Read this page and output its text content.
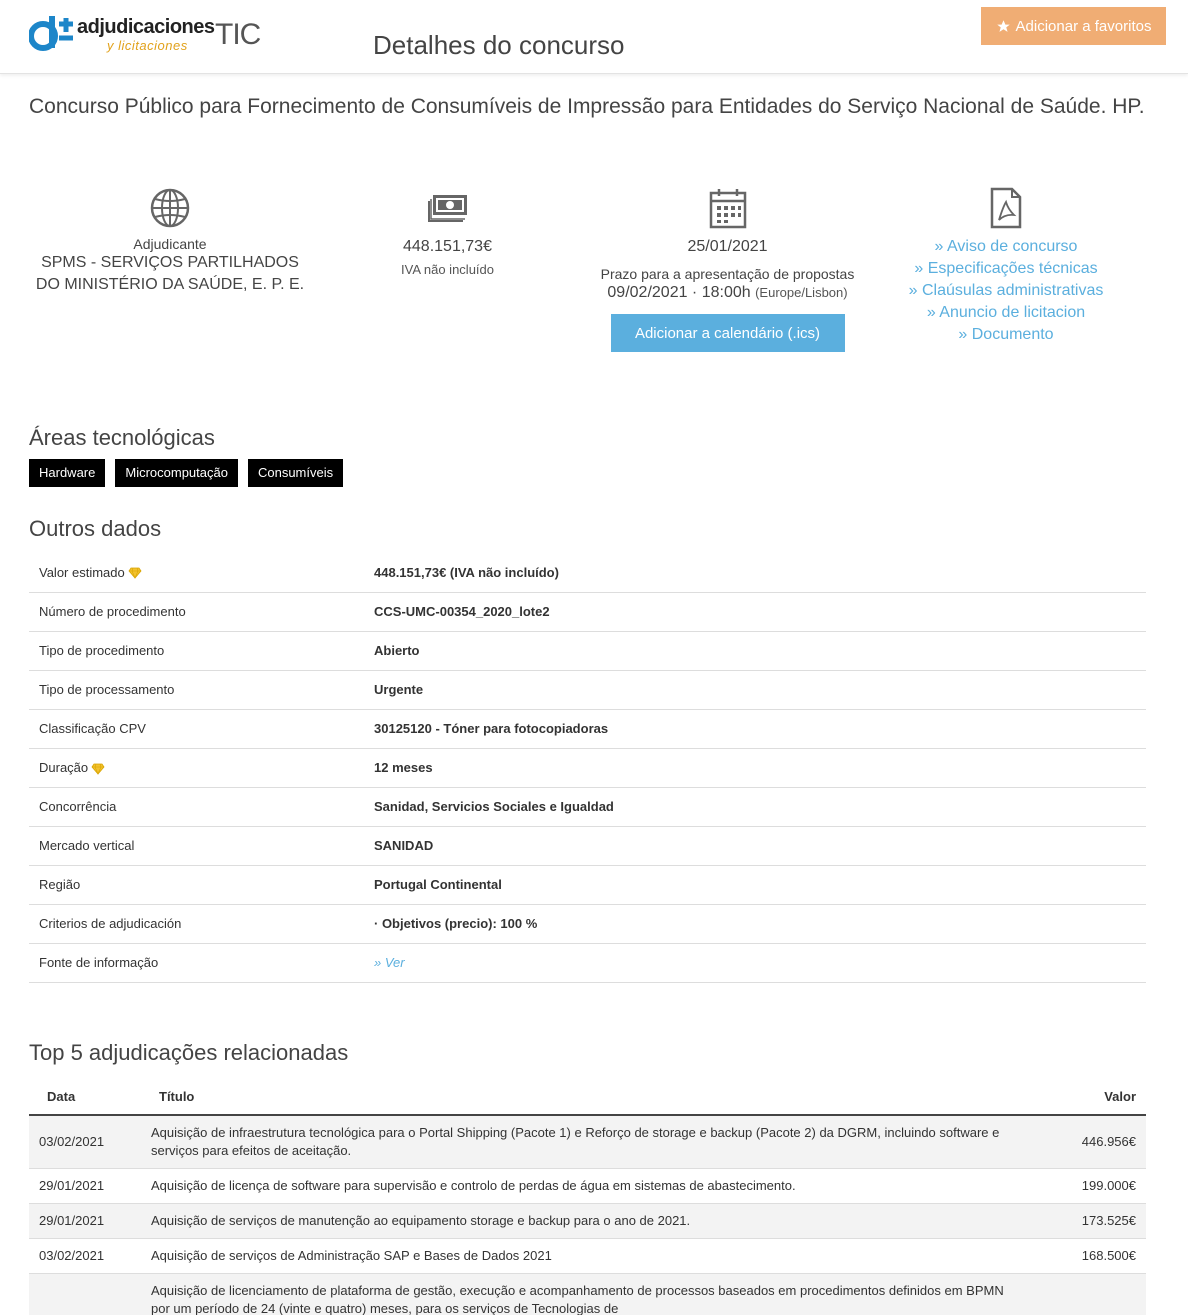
adjudicaciones
y licitaciones TIC	Detalhes do concurso
Adicionar a favoritos
Concurso Público para Fornecimento de Consumíveis de Impressão para Entidades do Serviço Nacional de Saúde. HP.
Adjudicante
SPMS - SERVIÇOS PARTILHADOS
DO MINISTÉRIO DA SAÚDE, E. P. E.
448.151,73€
IVA não incluído
25/01/2021
Prazo para a apresentação de propostas
09/02/2021 · 18:00h (Europe/Lisbon)
Adicionar a calendário (.ics)
» Aviso de concurso
» Especificações técnicas
» Claúsulas administrativas
» Anuncio de licitacion
» Documento
Áreas tecnológicas
Hardware	Microcomputação	Consumíveis
Outros dados
Valor estimado	448.151,73€ (IVA não incluído)
Número de procedimento	CCS-UMC-00354_2020_lote2
Tipo de procedimento	Abierto
Tipo de processamento	Urgente
Classificação CPV	30125120 - Tóner para fotocopiadoras
Duração	12 meses
Concorrência	Sanidad, Servicios Sociales e Igualdad
Mercado vertical	SANIDAD
Região	Portugal Continental
Criterios de adjudicación	· Objetivos (precio): 100 %
Fonte de informação	» Ver
Top 5 adjudicações relacionadas
Data	Título	Valor
03/02/2021	Aquisição de infraestrutura tecnológica para o Portal Shipping (Pacote 1) e Reforço de storage e backup (Pacote 2) da DGRM, incluindo software e serviços para efeitos de aceitação.	446.956€
29/01/2021	Aquisição de licença de software para supervisão e controlo de perdas de água em sistemas de abastecimento.	199.000€
29/01/2021	Aquisição de serviços de manutenção ao equipamento storage e backup para o ano de 2021.	173.525€
03/02/2021	Aquisição de serviços de Administração SAP e Bases de Dados 2021	168.500€
	Aquisição de licenciamento de plataforma de gestão, execução e acompanhamento de processos baseados em procedimentos definidos em BPMN por um período de 24 (vinte e quatro) meses, para os serviços de Tecnologias de	
